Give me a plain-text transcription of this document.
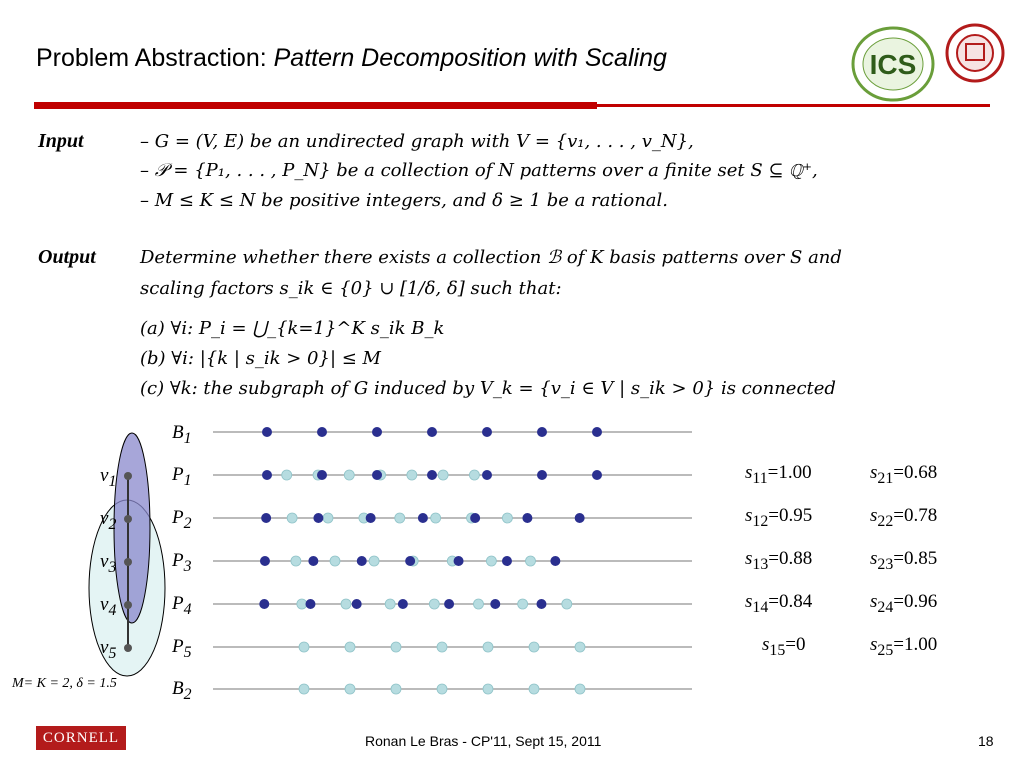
Problem Abstraction: Pattern Decomposition with Scaling	ICS
Input	– G = (V, E) be an undirected graph with V = {v₁, . . . , v_N},
– 𝒫 = {P₁, . . . , P_N} be a collection of N patterns over a finite set S ⊆ ℚ⁺,
– M ≤ K ≤ N be positive integers, and δ ≥ 1 be a rational.
Output Determine whether there exists a collection ℬ of K basis patterns over S and
scaling factors s_ik ∈ {0} ∪ [1/δ, δ] such that:
(a) ∀i: P_i = ⋃_{k=1}^K s_ik B_k
(b) ∀i: |{k | s_ik > 0}| ≤ M
(c) ∀k: the subgraph of G induced by V_k = {v_i ∈ V | s_ik > 0} is connected
$v_1$
$v_2$
$v_3$
$v_4$
$v_5$
M= K = 2, δ = 1.5
$B_1$
$P_1$
$P_2$
$P_3$
$P_4$
$P_5$
$B_2$
$s_{11}=1.00$	$s_{21}=0.68$
$s_{12}=0.95$	$s_{22}=0.78$
$s_{13}=0.88$	$s_{23}=0.85$
$s_{14}=0.84$	$s_{24}=0.96$
$s_{15}=0$	$s_{25}=1.00$
CORNELL	Ronan Le Bras - CP'11, Sept 15, 2011	18
